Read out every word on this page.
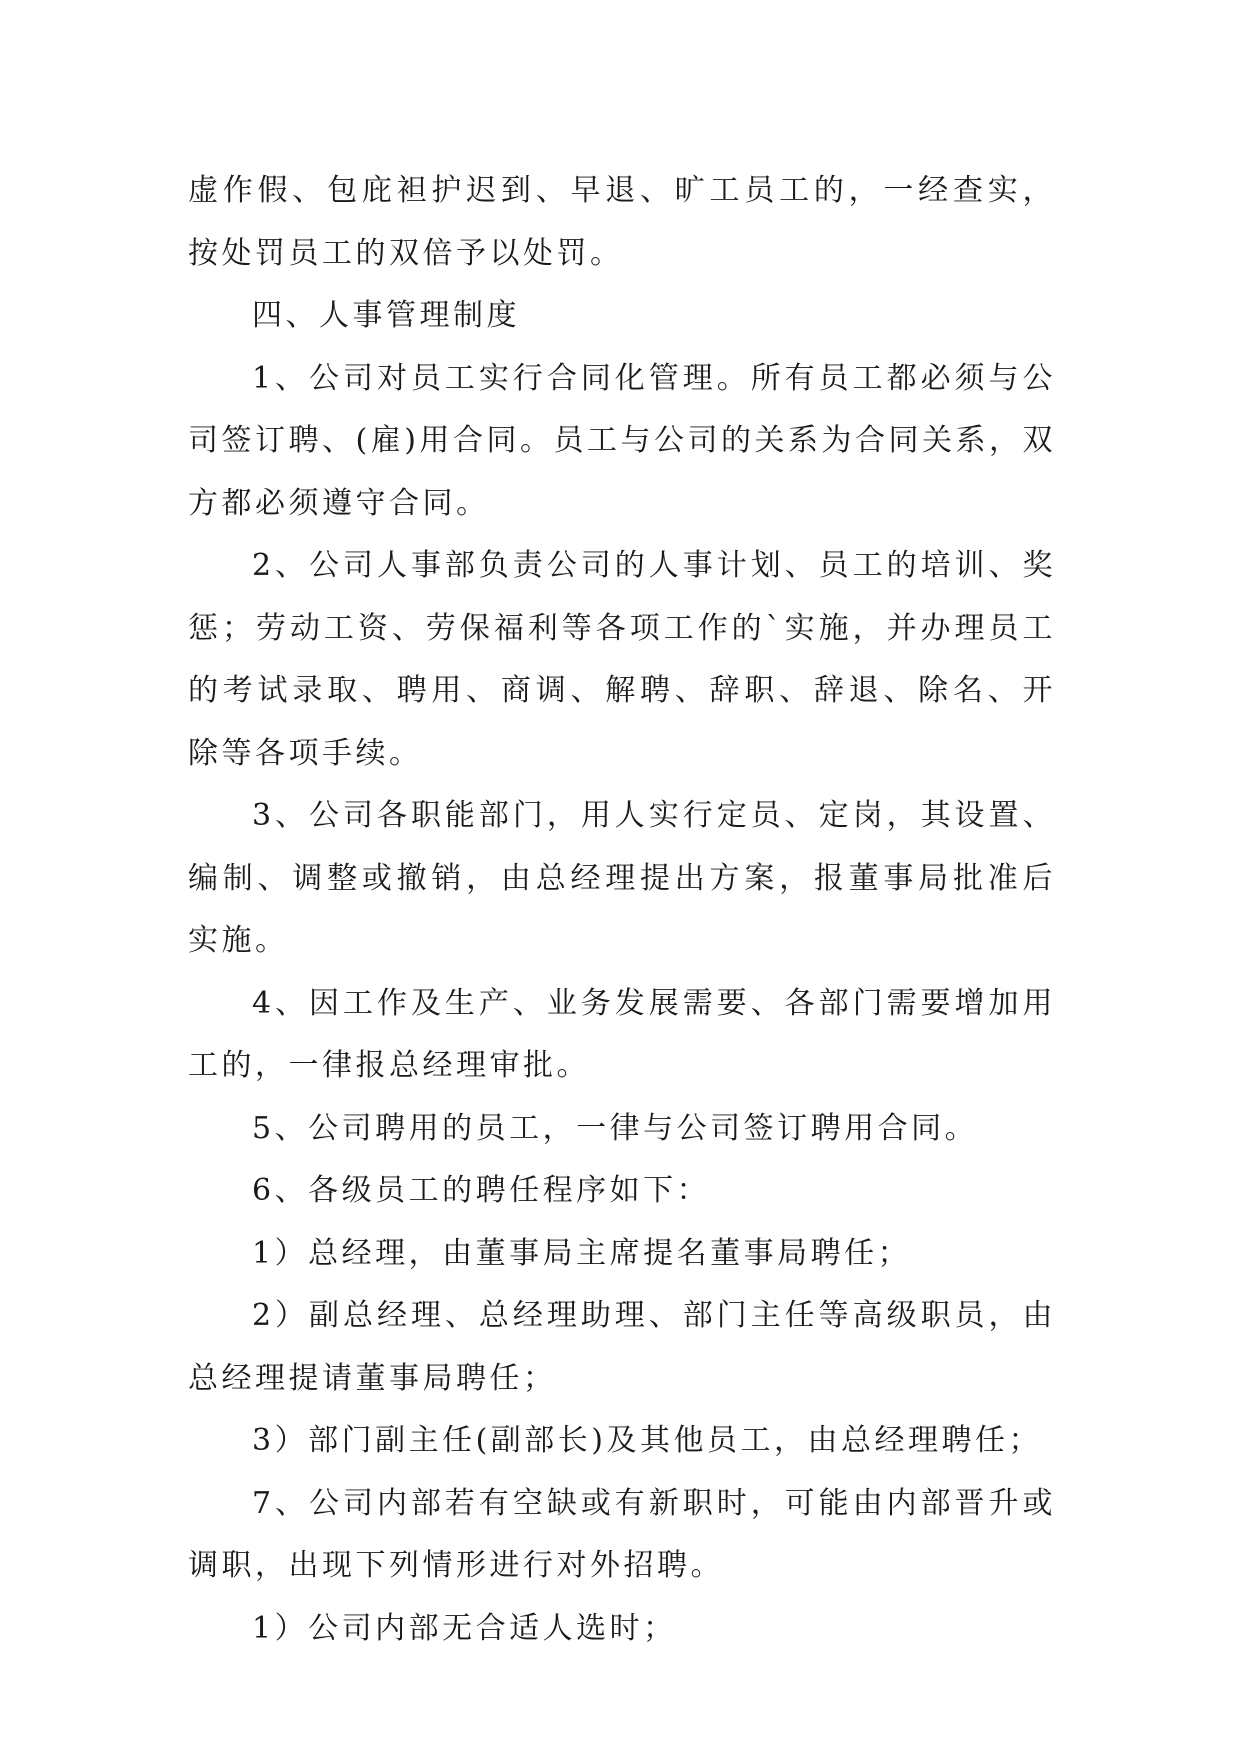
虚作假、包庇袒护迟到、早退、旷工员工的，一经查实，按处罚员工的双倍予以处罚。

四、人事管理制度

1、公司对员工实行合同化管理。所有员工都必须与公司签订聘、(雇)用合同。员工与公司的关系为合同关系，双方都必须遵守合同。

2、公司人事部负责公司的人事计划、员工的培训、奖惩；劳动工资、劳保福利等各项工作的`实施，并办理员工的考试录取、聘用、商调、解聘、辞职、辞退、除名、开除等各项手续。

3、公司各职能部门，用人实行定员、定岗，其设置、编制、调整或撤销，由总经理提出方案，报董事局批准后实施。

4、因工作及生产、业务发展需要、各部门需要增加用工的，一律报总经理审批。

5、公司聘用的员工，一律与公司签订聘用合同。

6、各级员工的聘任程序如下：

1）总经理，由董事局主席提名董事局聘任；

2）副总经理、总经理助理、部门主任等高级职员，由总经理提请董事局聘任；

3）部门副主任(副部长)及其他员工，由总经理聘任；

7、公司内部若有空缺或有新职时，可能由内部晋升或调职，出现下列情形进行对外招聘。

1）公司内部无合适人选时；
